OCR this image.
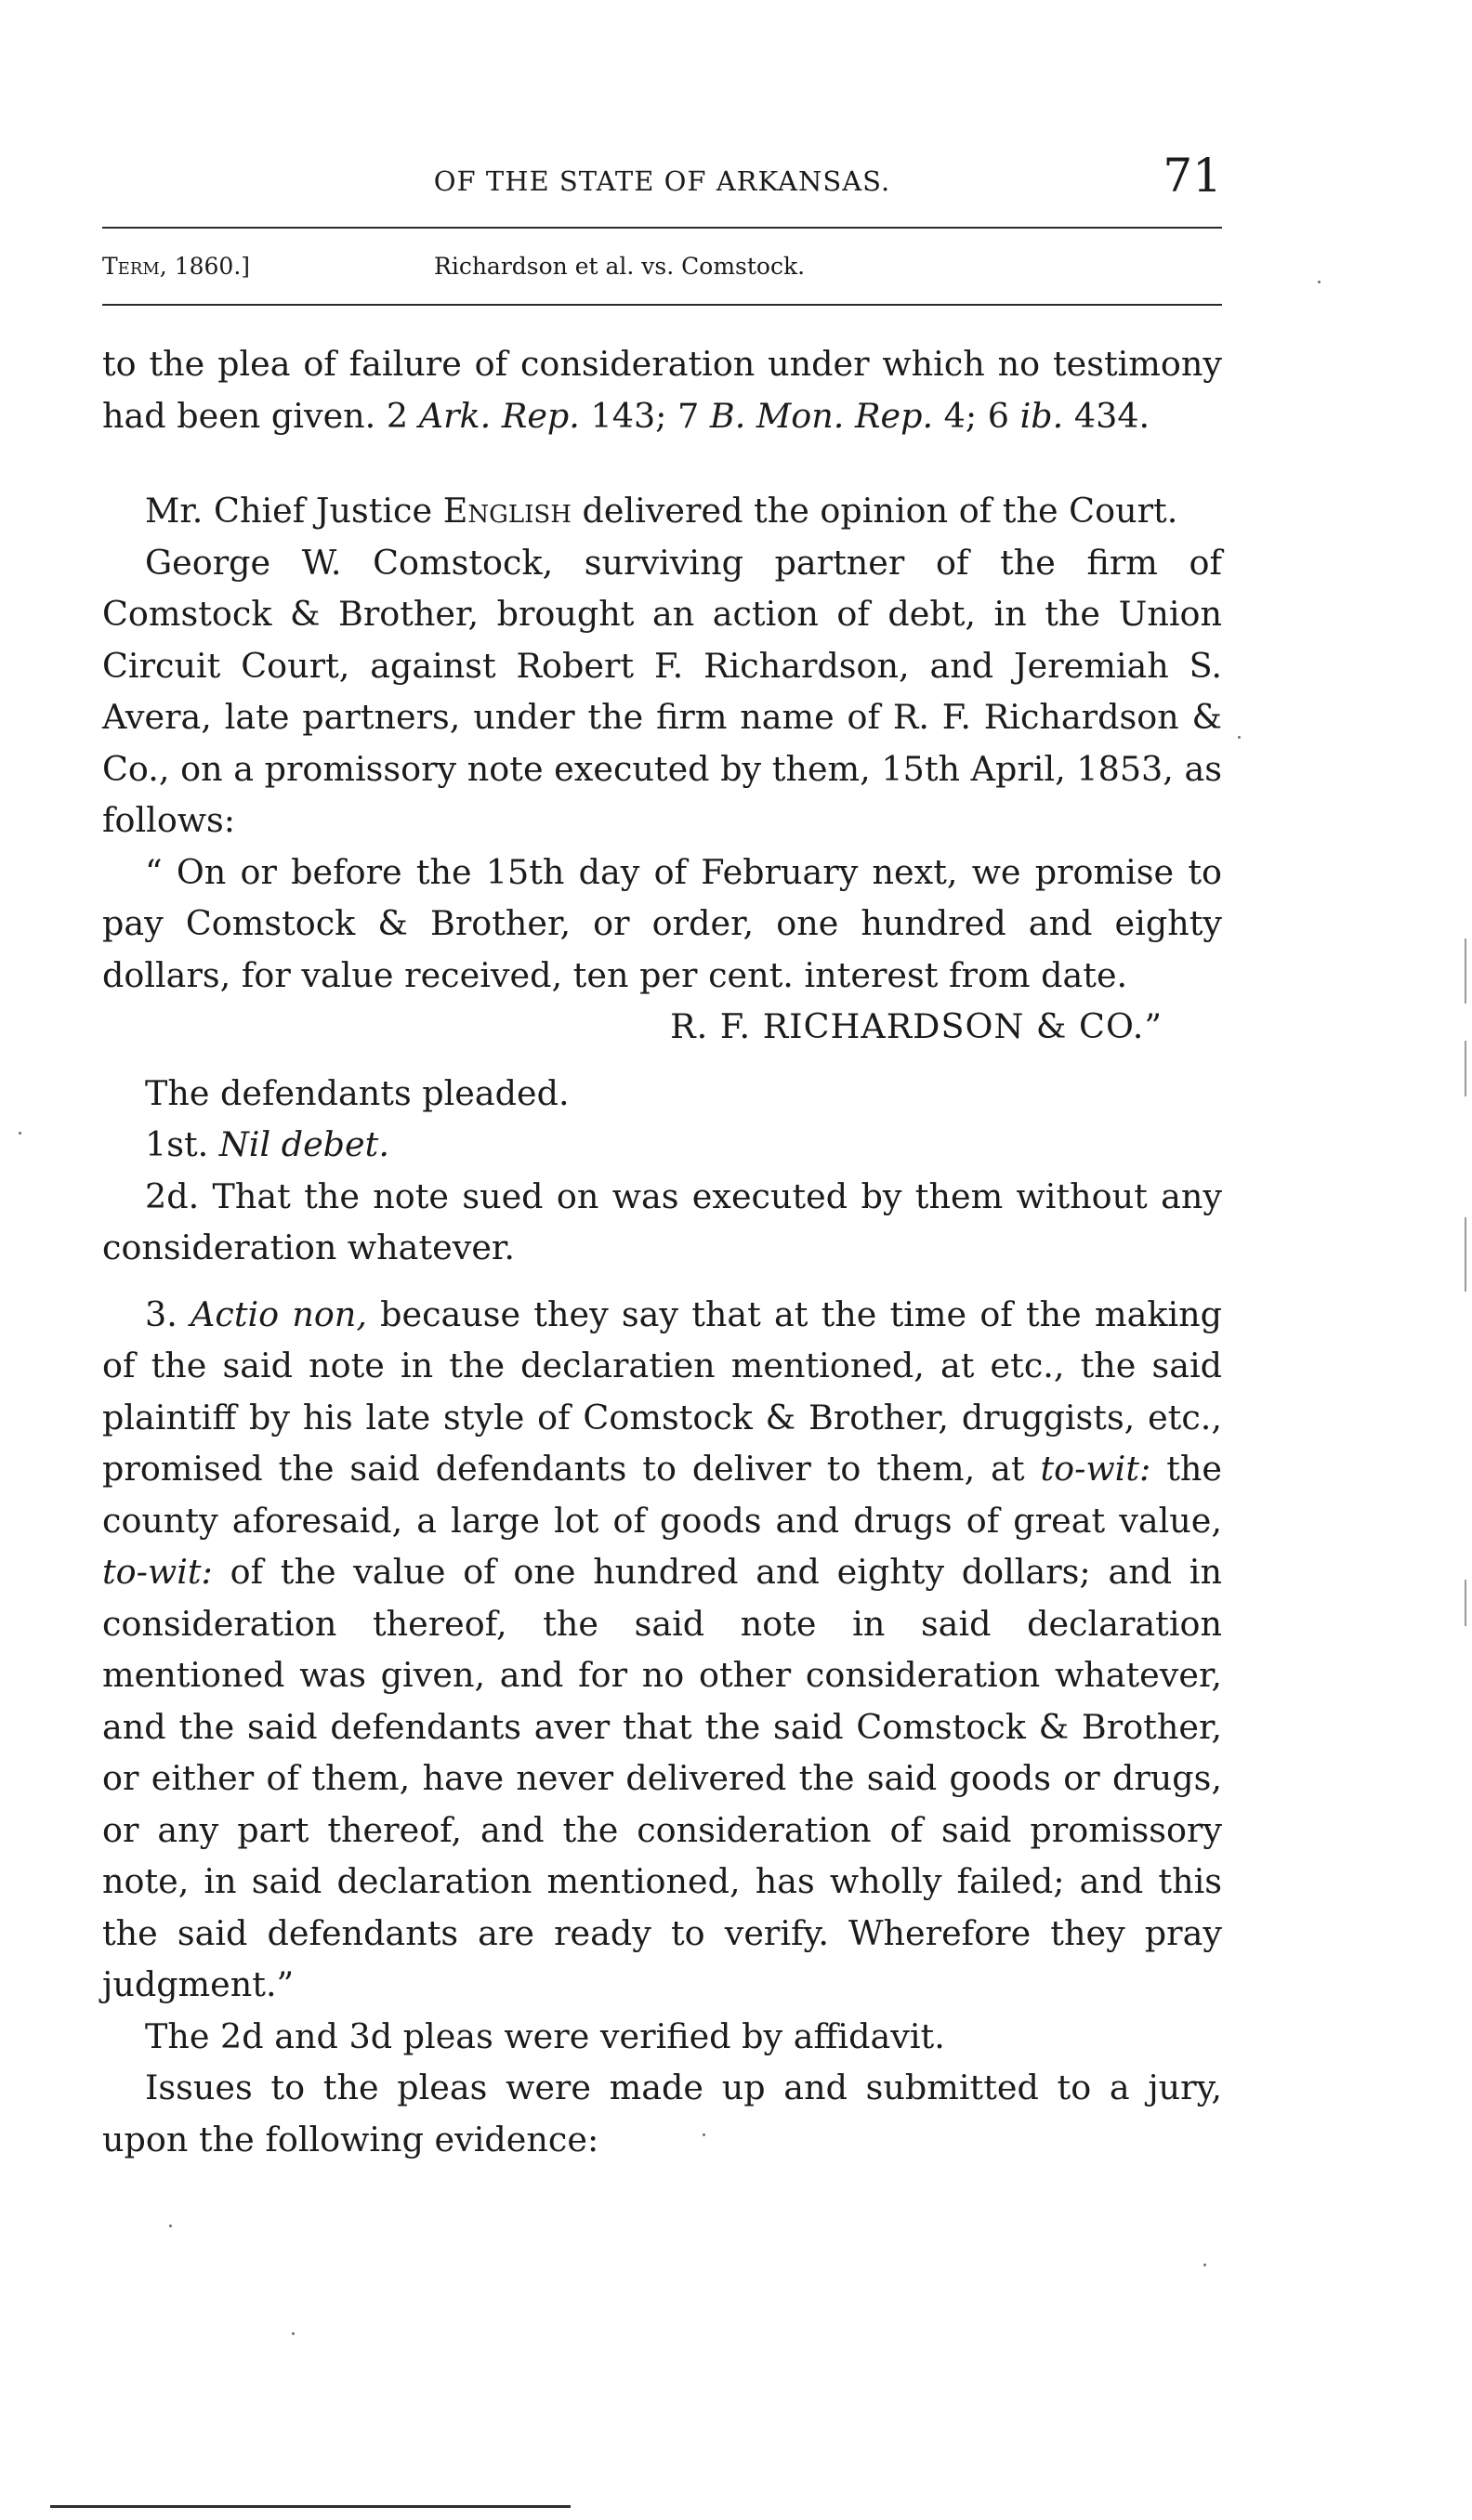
OF THE STATE OF ARKANSAS.	71
Term, 1860.]	Richardson et al. vs. Comstock.

to the plea of failure of consideration under which no testimony had been given. 2 Ark. Rep. 143; 7 B. Mon. Rep. 4; 6 ib. 434.

Mr. Chief Justice English delivered the opinion of the Court.

George W. Comstock, surviving partner of the firm of Comstock & Brother, brought an action of debt, in the Union Circuit Court, against Robert F. Richardson, and Jeremiah S. Avera, late partners, under the firm name of R. F. Richardson & Co., on a promissory note executed by them, 15th April, 1853, as follows:

“ On or before the 15th day of February next, we promise to pay Comstock & Brother, or order, one hundred and eighty dollars, for value received, ten per cent. interest from date.

R. F. RICHARDSON & CO.”

The defendants pleaded.

1st. Nil debet.

2d. That the note sued on was executed by them without any consideration whatever.

3. Actio non, because they say that at the time of the making of the said note in the declaratien mentioned, at etc., the said plaintiff by his late style of Comstock & Brother, druggists, etc., promised the said defendants to deliver to them, at to-wit: the county aforesaid, a large lot of goods and drugs of great value, to-wit: of the value of one hundred and eighty dollars; and in consideration thereof, the said note in said declaration mentioned was given, and for no other consideration whatever, and the said defendants aver that the said Comstock & Brother, or either of them, have never delivered the said goods or drugs, or any part thereof, and the consideration of said promissory note, in said declaration mentioned, has wholly failed; and this the said defendants are ready to verify. Wherefore they pray judgment.”

The 2d and 3d pleas were verified by affidavit.

Issues to the pleas were made up and submitted to a jury, upon the following evidence:
